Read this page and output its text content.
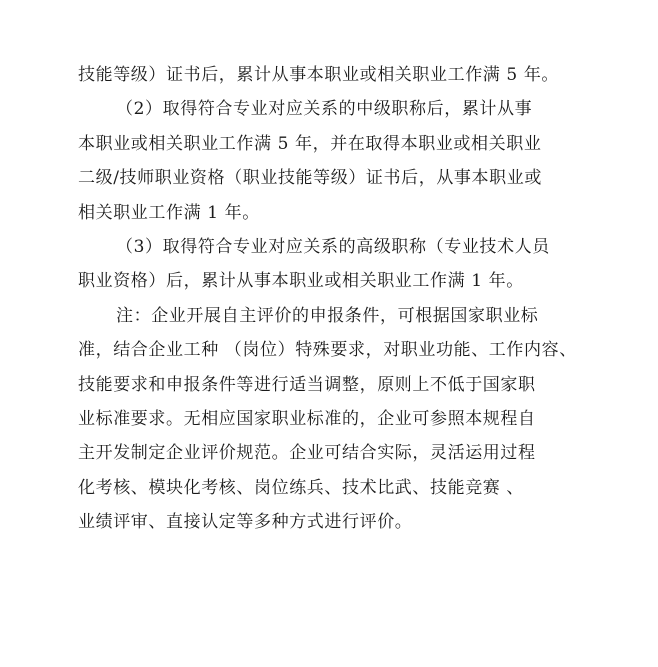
技能等级）证书后，累计从事本职业或相关职业工作满 5 年。
（2）取得符合专业对应关系的中级职称后，累计从事
本职业或相关职业工作满 5 年，并在取得本职业或相关职业
二级/技师职业资格（职业技能等级）证书后，从事本职业或
相关职业工作满 1 年。
（3）取得符合专业对应关系的高级职称（专业技术人员
职业资格）后，累计从事本职业或相关职业工作满 1 年。
注：企业开展自主评价的申报条件，可根据国家职业标
准，结合企业工种 （岗位）特殊要求，对职业功能、工作内容、
技能要求和申报条件等进行适当调整，原则上不低于国家职
业标准要求。无相应国家职业标准的，企业可参照本规程自
主开发制定企业评价规范。企业可结合实际，灵活运用过程
化考核、模块化考核、岗位练兵、技术比武、技能竞赛 、
业绩评审、直接认定等多种方式进行评价。
